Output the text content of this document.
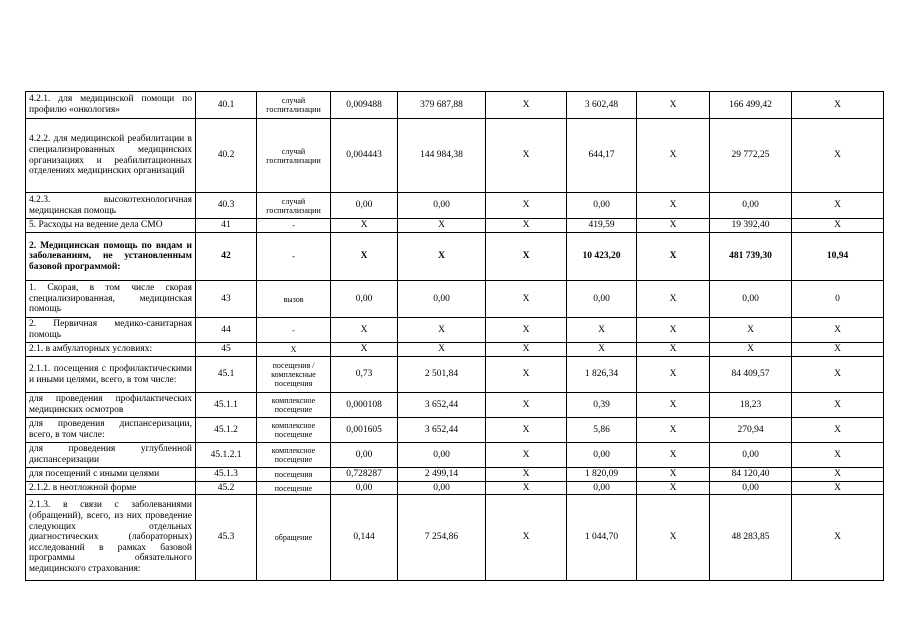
4.2.1. для медицинской помощи по профилю «онкология»	40.1	случай госпитализации	0,009488	379 687,88	Х	3 602,48	Х	166 499,42	Х
4.2.2. для медицинской реабилитации в специализированных медицинских организациях и реабилитационных отделениях медицинских организаций	40.2	случай госпитализации	0,004443	144 984,38	Х	644,17	Х	29 772,25	Х
4.2.3. высокотехнологичная медицинская помощь	40.3	случай госпитализации	0,00	0,00	Х	0,00	Х	0,00	Х
5. Расходы на ведение дела СМО	41	-	Х	Х	Х	419,59	Х	19 392,40	Х
2. Медицинская помощь по видам и заболеваниям, не установленным базовой программой:	42	-	Х	Х	Х	10 423,20	Х	481 739,30	10,94
1. Скорая, в том числе скорая специализированная, медицинская помощь	43	вызов	0,00	0,00	Х	0,00	Х	0,00	0
2. Первичная медико-санитарная помощь	44	-	Х	Х	Х	Х	Х	Х	Х
2.1. в амбулаторных условиях:	45	Х	Х	Х	Х	Х	Х	Х	Х
2.1.1. посещения с профилактическими и иными целями, всего, в том числе:	45.1	посещения / комплексные посещения	0,73	2 501,84	Х	1 826,34	Х	84 409,57	Х
для проведения профилактических медицинских осмотров	45.1.1	комплексное посещение	0,000108	3 652,44	Х	0,39	Х	18,23	Х
для проведения диспансеризации, всего, в том числе:	45.1.2	комплексное посещение	0,001605	3 652,44	Х	5,86	Х	270,94	Х
для проведения углубленной диспансеризации	45.1.2.1	комплексное посещение	0,00	0,00	Х	0,00	Х	0,00	Х
для посещений с иными целями	45.1.3	посещения	0,728287	2 499,14	Х	1 820,09	Х	84 120,40	Х
2.1.2. в неотложной форме	45.2	посещение	0,00	0,00	Х	0,00	Х	0,00	Х
2.1.3. в связи с заболеваниями (обращений), всего, из них проведение следующих отдельных диагностических (лабораторных) исследований в рамках базовой программы обязательного медицинского страхования:	45.3	обращение	0,144	7 254,86	Х	1 044,70	Х	48 283,85	Х
